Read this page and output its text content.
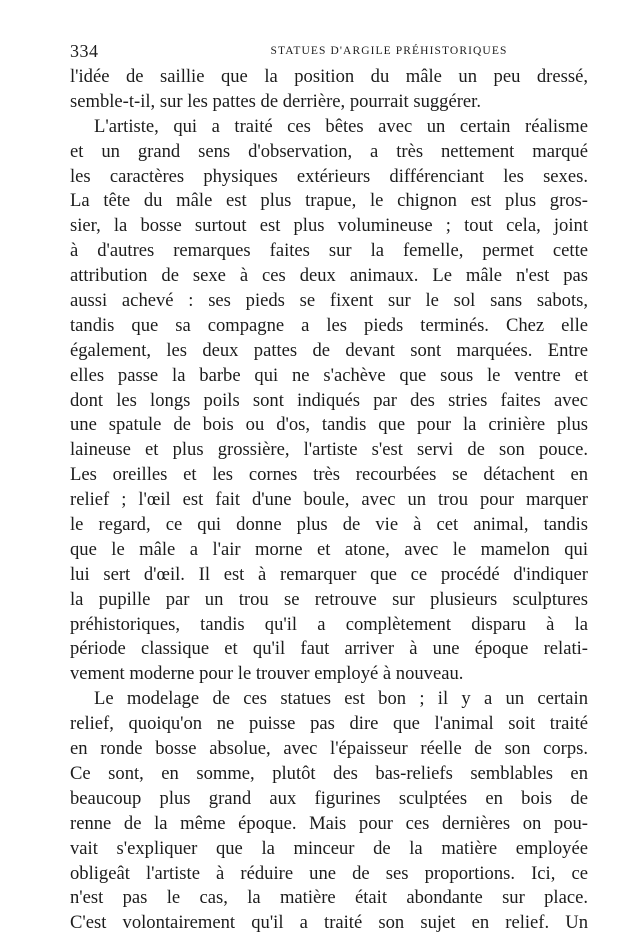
334	STATUES D'ARGILE PRÉHISTORIQUES
l'idée de saillie que la position du mâle un peu dressé,
semble-t-il, sur les pattes de derrière, pourrait suggérer.
L'artiste, qui a traité ces bêtes avec un certain réalisme
et un grand sens d'observation, a très nettement marqué
les caractères physiques extérieurs différenciant les sexes.
La tête du mâle est plus trapue, le chignon est plus gros-
sier, la bosse surtout est plus volumineuse ; tout cela, joint
à d'autres remarques faites sur la femelle, permet cette
attribution de sexe à ces deux animaux. Le mâle n'est pas
aussi achevé : ses pieds se fixent sur le sol sans sabots,
tandis que sa compagne a les pieds terminés. Chez elle
également, les deux pattes de devant sont marquées. Entre
elles passe la barbe qui ne s'achève que sous le ventre et
dont les longs poils sont indiqués par des stries faites avec
une spatule de bois ou d'os, tandis que pour la crinière plus
laineuse et plus grossière, l'artiste s'est servi de son pouce.
Les oreilles et les cornes très recourbées se détachent en
relief ; l'œil est fait d'une boule, avec un trou pour marquer
le regard, ce qui donne plus de vie à cet animal, tandis
que le mâle a l'air morne et atone, avec le mamelon qui
lui sert d'œil. Il est à remarquer que ce procédé d'indiquer
la pupille par un trou se retrouve sur plusieurs sculptures
préhistoriques, tandis qu'il a complètement disparu à la
période classique et qu'il faut arriver à une époque relati-
vement moderne pour le trouver employé à nouveau.
Le modelage de ces statues est bon ; il y a un certain
relief, quoiqu'on ne puisse pas dire que l'animal soit traité
en ronde bosse absolue, avec l'épaisseur réelle de son corps.
Ce sont, en somme, plutôt des bas-reliefs semblables en
beaucoup plus grand aux figurines sculptées en bois de
renne de la même époque. Mais pour ces dernières on pou-
vait s'expliquer que la minceur de la matière employée
obligeât l'artiste à réduire une de ses proportions. Ici, ce
n'est pas le cas, la matière était abondante sur place.
C'est volontairement qu'il a traité son sujet en relief. Un
